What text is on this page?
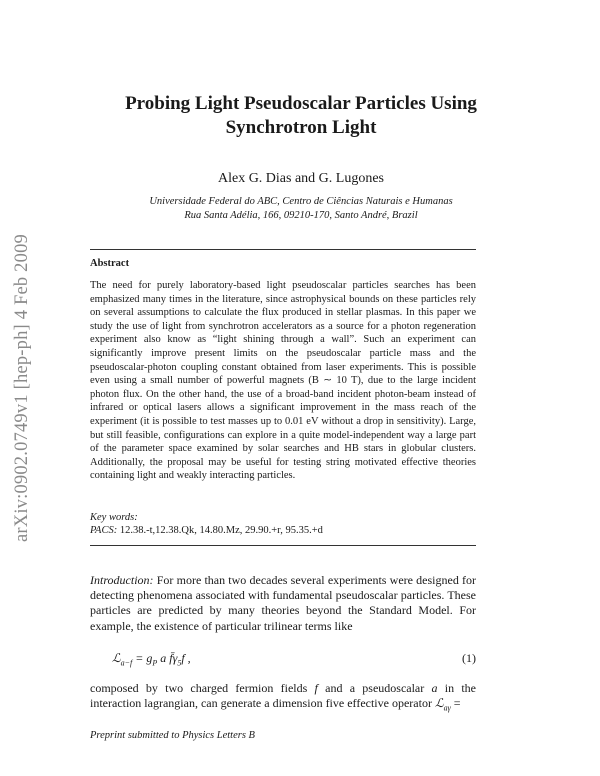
arXiv:0902.0749v1 [hep-ph] 4 Feb 2009
Probing Light Pseudoscalar Particles Using
Synchrotron Light
Alex G. Dias and G. Lugones
Universidade Federal do ABC, Centro de Ciências Naturais e Humanas
Rua Santa Adélia, 166, 09210-170, Santo André, Brazil
Abstract
The need for purely laboratory-based light pseudoscalar particles searches has been emphasized many times in the literature, since astrophysical bounds on these particles rely on several assumptions to calculate the flux produced in stellar plasmas. In this paper we study the use of light from synchrotron accelerators as a source for a photon regeneration experiment also know as “light shining through a wall”. Such an experiment can significantly improve present limits on the pseudoscalar particle mass and the pseudoscalar-photon coupling constant obtained from laser experiments. This is possible even using a small number of powerful magnets (B ∼ 10 T), due to the large incident photon flux. On the other hand, the use of a broad-band incident photon-beam instead of infrared or optical lasers allows a significant improvement in the mass reach of the experiment (it is possible to test masses up to 0.01 eV without a drop in sensitivity). Large, but still feasible, configurations can explore in a quite model-independent way a large part of the parameter space examined by solar searches and HB stars in globular clusters. Additionally, the proposal may be useful for testing string motivated effective theories containing light and weakly interacting particles.
Key words:
PACS: 12.38.-t,12.38.Qk, 14.80.Mz, 29.90.+r, 95.35.+d
Introduction: For more than two decades several experiments were designed for detecting phenomena associated with fundamental pseudoscalar particles. These particles are predicted by many theories beyond the Standard Model. For example, the existence of particular trilinear terms like
ℒ$_{a-f}$ = $g_P$ a $f̄\gamma_5f$ ,	(1)
composed by two charged fermion fields f and a pseudoscalar a in the interaction lagrangian, can generate a dimension five effective operator ℒ$_{a\gamma}$ =
Preprint submitted to Physics Letters B
